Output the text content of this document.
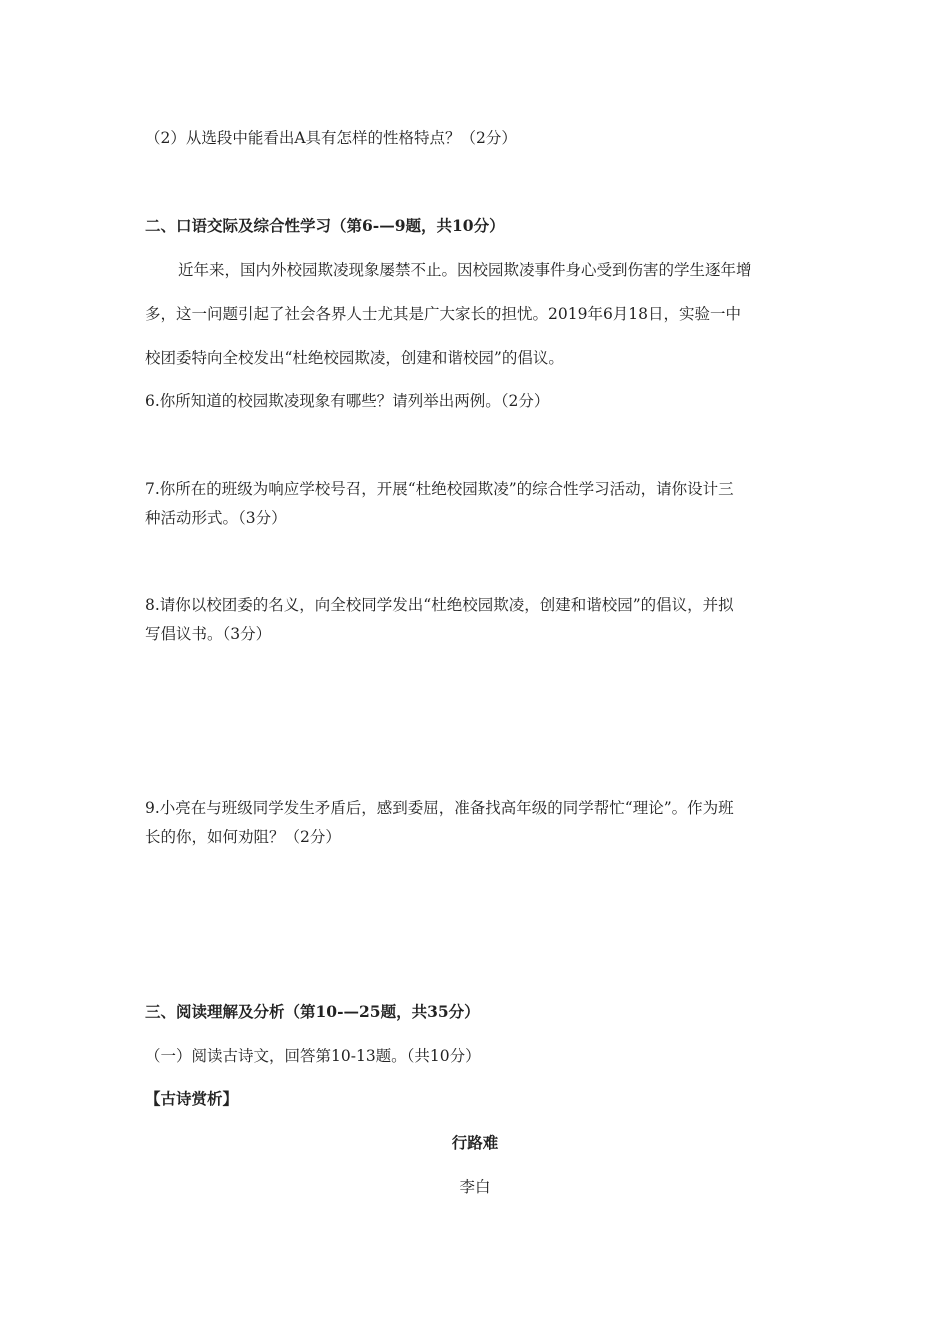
（2）从选段中能看出A具有怎样的性格特点？（2分）
二、口语交际及综合性学习（第6-—9题，共10分）
近年来，国内外校园欺凌现象屡禁不止。因校园欺凌事件身心受到伤害的学生逐年增
多，这一问题引起了社会各界人士尤其是广大家长的担忧。2019年6月18日，实验一中
校团委特向全校发出“杜绝校园欺凌，创建和谐校园”的倡议。
6.你所知道的校园欺凌现象有哪些？请列举出两例。（2分）
7.你所在的班级为响应学校号召，开展“杜绝校园欺凌”的综合性学习活动，请你设计三
种活动形式。（3分）
8.请你以校团委的名义，向全校同学发出“杜绝校园欺凌，创建和谐校园”的倡议，并拟
写倡议书。（3分）
9.小亮在与班级同学发生矛盾后，感到委屈，准备找高年级的同学帮忙“理论”。作为班
长的你，如何劝阻？（2分）
三、阅读理解及分析（第10-—25题，共35分）
（一）阅读古诗文，回答第10-13题。（共10分）
【古诗赏析】
行路难
李白
